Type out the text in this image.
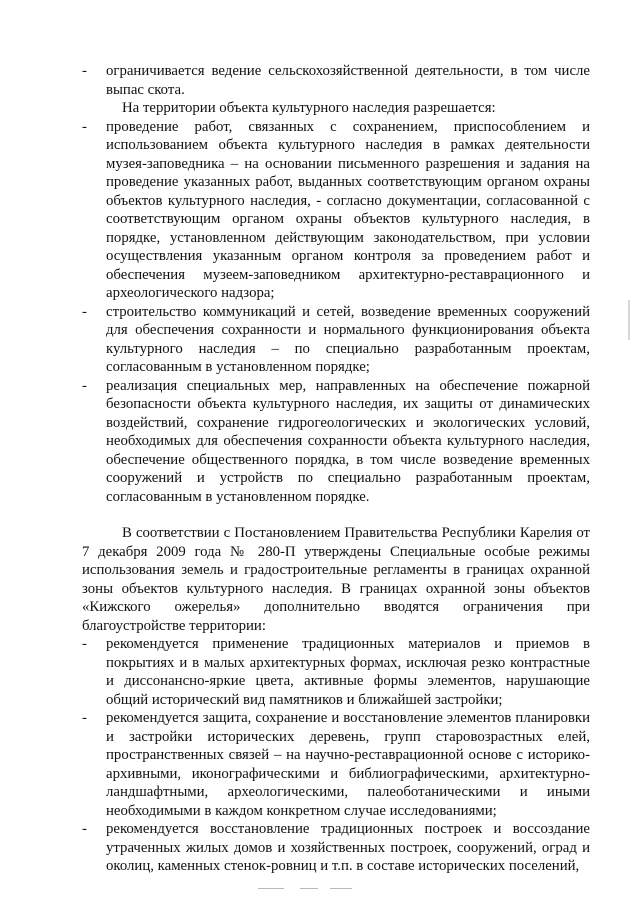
- ограничивается ведение сельскохозяйственной деятельности, в том числе выпас скота.
На территории объекта культурного наследия разрешается:
- проведение работ, связанных с сохранением, приспособлением и использованием объекта культурного наследия в рамках деятельности музея-заповедника – на основании письменного разрешения и задания на проведение указанных работ, выданных соответствующим органом охраны объектов культурного наследия, - согласно документации, согласованной с соответствующим органом охраны объектов культурного наследия, в порядке, установленном действующим законодательством, при условии осуществления указанным органом контроля за проведением работ и обеспечения музеем-заповедником архитектурно-реставрационного и археологического надзора;
- строительство коммуникаций и сетей, возведение временных сооружений для обеспечения сохранности и нормального функционирования объекта культурного наследия – по специально разработанным проектам, согласованным в установленном порядке;
- реализация специальных мер, направленных на обеспечение пожарной безопасности объекта культурного наследия, их защиты от динамических воздействий, сохранение гидрогеологических и экологических условий, необходимых для обеспечения сохранности объекта культурного наследия, обеспечение общественного порядка, в том числе возведение временных сооружений и устройств по специально разработанным проектам, согласованным в установленном порядке.
В соответствии с Постановлением Правительства Республики Карелия от 7 декабря 2009 года № 280-П утверждены Специальные особые режимы использования земель и градостроительные регламенты в границах охранной зоны объектов культурного наследия. В границах охранной зоны объектов «Кижского ожерелья» дополнительно вводятся ограничения при благоустройстве территории:
- рекомендуется применение традиционных материалов и приемов в покрытиях и в малых архитектурных формах, исключая резко контрастные и диссонансно-яркие цвета, активные формы элементов, нарушающие общий исторический вид памятников и ближайшей застройки;
- рекомендуется защита, сохранение и восстановление элементов планировки и застройки исторических деревень, групп старовозрастных елей, пространственных связей – на научно-реставрационной основе с историко-архивными, иконографическими и библиографическими, архитектурно-ландшафтными, археологическими, палеоботаническими и иными необходимыми в каждом конкретном случае исследованиями;
- рекомендуется восстановление традиционных построек и воссоздание утраченных жилых домов и хозяйственных построек, сооружений, оград и околиц, каменных стенок-ровниц и т.п. в составе исторических поселений,
